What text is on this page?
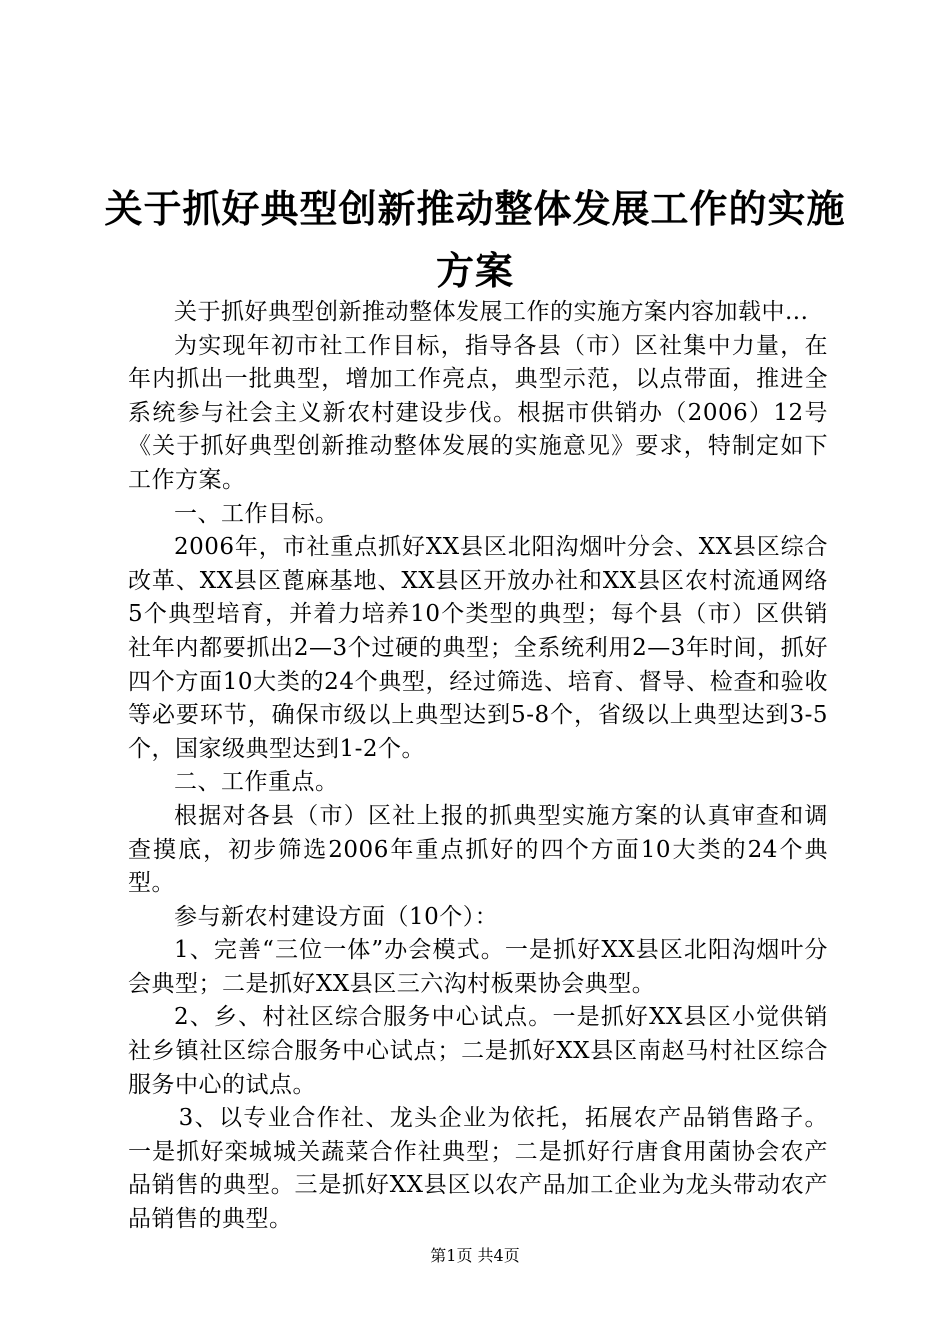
关于抓好典型创新推动整体发展工作的实施方案

关于抓好典型创新推动整体发展工作的实施方案内容加载中...

为实现年初市社工作目标，指导各县（市）区社集中力量，在年内抓出一批典型，增加工作亮点，典型示范，以点带面，推进全系统参与社会主义新农村建设步伐。根据市供销办（2006）12号《关于抓好典型创新推动整体发展的实施意见》要求，特制定如下工作方案。

一、工作目标。

2006年，市社重点抓好XX县区北阳沟烟叶分会、XX县区综合改革、XX县区蓖麻基地、XX县区开放办社和XX县区农村流通网络5个典型培育，并着力培养10个类型的典型；每个县（市）区供销社年内都要抓出2—3个过硬的典型；全系统利用2—3年时间，抓好四个方面10大类的24个典型，经过筛选、培育、督导、检查和验收等必要环节，确保市级以上典型达到5-8个，省级以上典型达到3-5个，国家级典型达到1-2个。

二、工作重点。

根据对各县（市）区社上报的抓典型实施方案的认真审查和调查摸底，初步筛选2006年重点抓好的四个方面10大类的24个典型。

参与新农村建设方面（10个）：

1、完善“三位一体”办会模式。一是抓好XX县区北阳沟烟叶分会典型；二是抓好XX县区三六沟村板栗协会典型。

2、乡、村社区综合服务中心试点。一是抓好XX县区小觉供销社乡镇社区综合服务中心试点；二是抓好XX县区南赵马村社区综合服务中心的试点。

3、以专业合作社、龙头企业为依托，拓展农产品销售路子。一是抓好栾城城关蔬菜合作社典型；二是抓好行唐食用菌协会农产品销售的典型。三是抓好XX县区以农产品加工企业为龙头带动农产品销售的典型。

第1页 共4页
